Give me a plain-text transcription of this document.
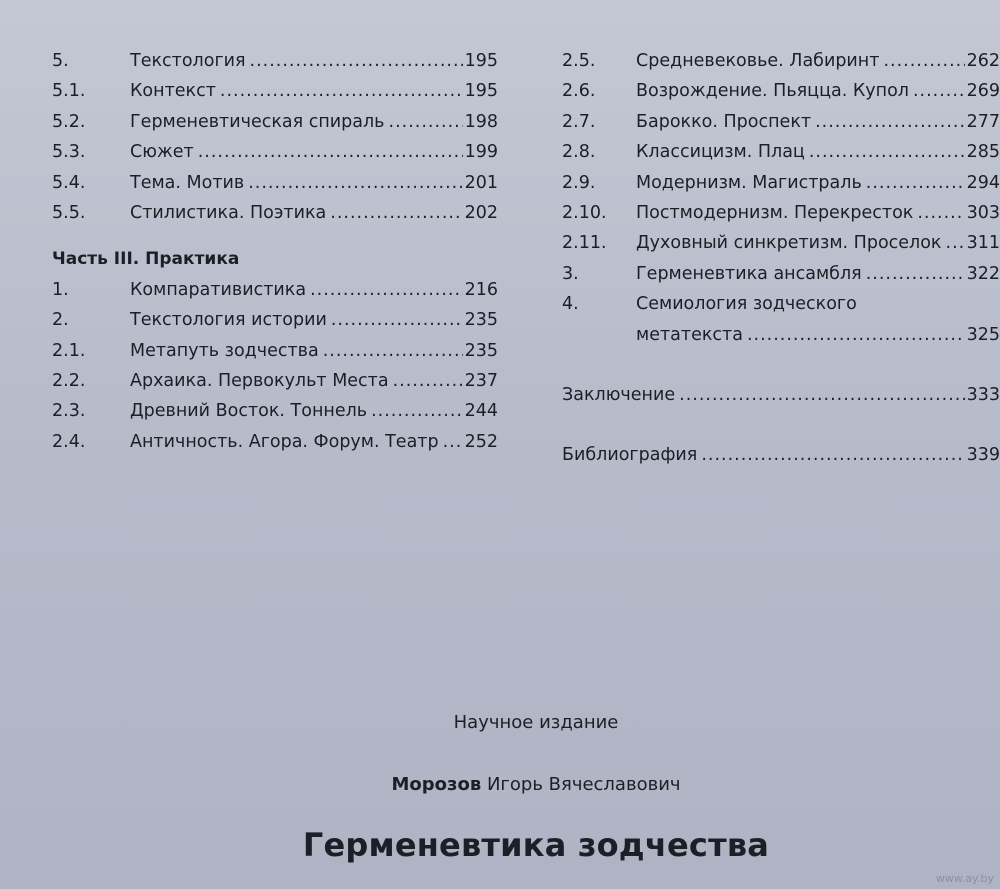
5.	Текстология .....	195
5.1.	Контекст .....	195
5.2.	Герменевтическая спираль .....	198
5.3.	Сюжет .....	199
5.4.	Тема. Мотив .....	201
5.5.	Стилистика. Поэтика .....	202
Часть III. Практика
1.	Компаративистика .....	216
2.	Текстология истории .....	235
2.1.	Метапуть зодчества .....	235
2.2.	Архаика. Первокульт Места .....	237
2.3.	Древний Восток. Тоннель .....	244
2.4.	Античность. Агора. Форум. Театр ..... 252
2.5. Средневековье. Лабиринт .....	262
2.6. Возрождение. Пьяцца. Купол .....	269
2.7. Барокко. Проспект .....	277
2.8. Классицизм. Плац .....	285
2.9. Модернизм. Магистраль .....	294
2.10. Постмодернизм. Перекресток .....	303
2.11. Духовный синкретизм. Проселок ..... 311
3.	Герменевтика ансамбля .....	322
4.	Семиология зодческого
метатекста .....	325
Заключение .....	333
Библиография .....	339
Научное издание
Морозов Игорь Вячеславович
Герменевтика зодчества
www.ay.by
